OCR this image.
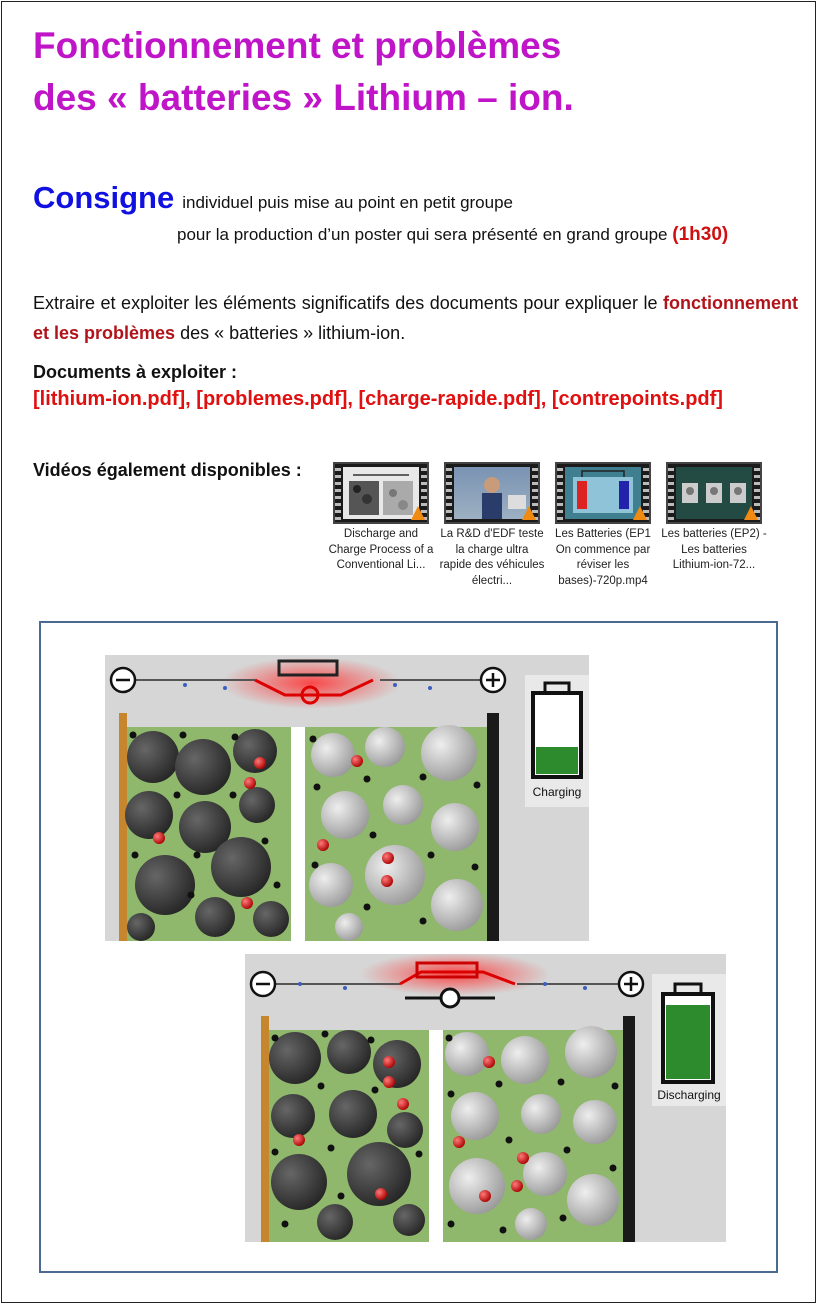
Fonctionnement et problèmes
des « batteries » Lithium – ion.
Consigne individuel puis mise au point en petit groupe
pour la production d’un poster qui sera présenté en grand groupe (1h30)
Extraire et exploiter les éléments significatifs des documents pour expliquer le fonctionnement et les problèmes des « batteries » lithium-ion.
Documents à exploiter :
[lithium-ion.pdf], [problemes.pdf], [charge-rapide.pdf], [contrepoints.pdf]
Vidéos également disponibles :
Discharge and Charge Process of a Conventional Li...
La R&D d'EDF teste la charge ultra rapide des véhicules électri...
Les Batteries (EP1 On commence par réviser les bases)-720p.mp4
Les batteries (EP2) - Les batteries Lithium-ion-72...
Charging
Discharging
